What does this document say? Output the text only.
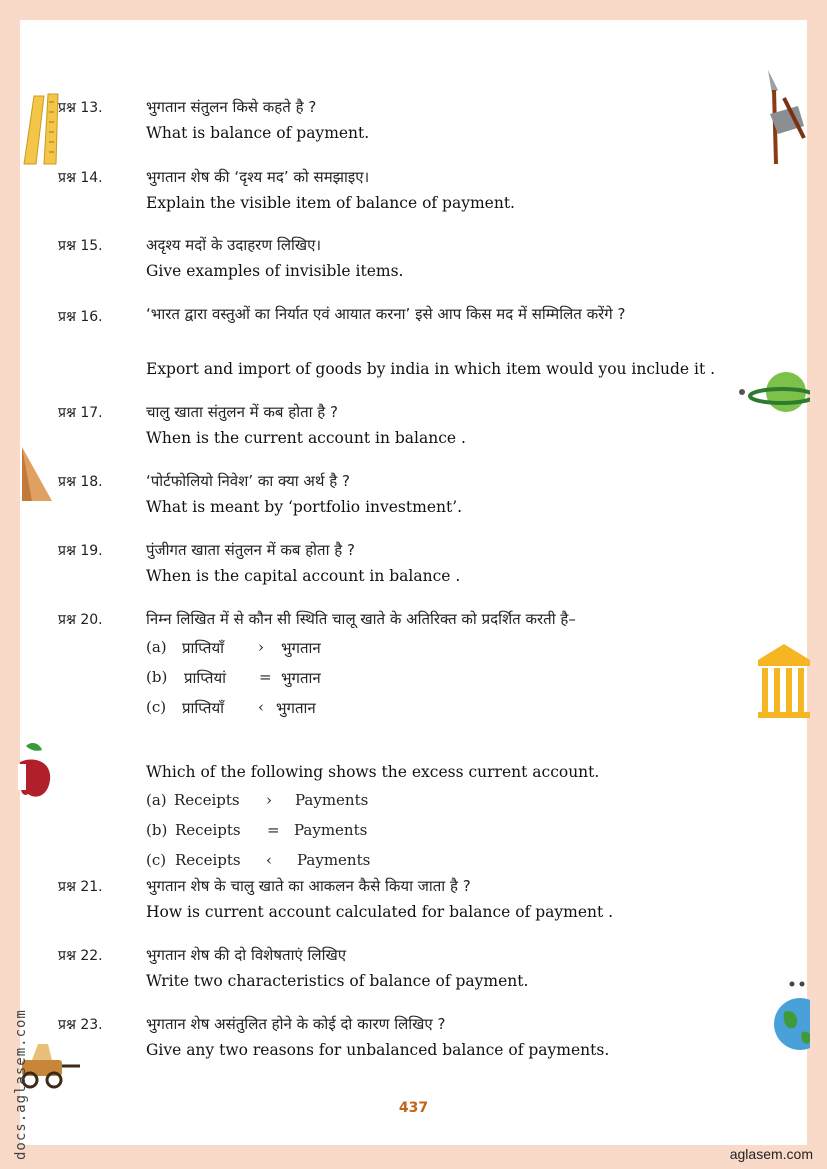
प्रश्न 13.	भुगतान संतुलन किसे कहते है ?
What is balance of payment.
प्रश्न 14.	भुगतान शेष की ‘दृश्य मद’ को समझाइए।
Explain the visible item of balance of payment.
प्रश्न 15.	अदृश्य मदों के उदाहरण लिखिए।
Give examples of invisible items.
प्रश्न 16.	‘भारत द्वारा वस्तुओं का निर्यात एवं आयात करना’ इसे आप किस मद में सम्मिलित करेंगे ?
Export and import of goods by india in which item would you include it .
प्रश्न 17.	चालु खाता संतुलन में कब होता है ?
When is the current account in balance .
प्रश्न 18.	‘पोर्टफोलियो निवेश’ का क्या अर्थ है ?
What is meant by ‘portfolio investment’.
प्रश्न 19.	पुंजीगत खाता संतुलन में कब होता है ?
When is the capital account in balance .
प्रश्न 20.	निम्न लिखित में से कौन सी स्थिति चालू खाते के अतिरिक्त को प्रदर्शित करती है–
(a) प्राप्तियाँ › भुगतान
(b) प्राप्तियां = भुगतान
(c) प्राप्तियाँ ‹ भुगतान
Which of the following shows the excess current account.
(a) Receipts › Payments
(b) Receipts = Payments
(c) Receipts ‹ Payments
प्रश्न 21.	भुगतान शेष के चालु खाते का आकलन कैसे किया जाता है ?
How is current account calculated for balance of payment .
प्रश्न 22.	भुगतान शेष की दो विशेषताएं लिखिए
Write two characteristics of balance of payment.
प्रश्न 23.	भुगतान शेष असंतुलित होने के कोई दो कारण लिखिए ?
Give any two reasons for unbalanced balance of payments.
437
docs.aglasem.com	aglasem.com
